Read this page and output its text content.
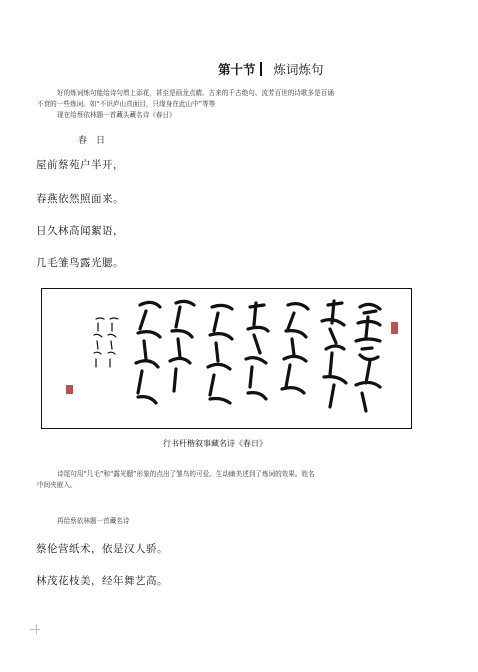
第十节 炼词炼句
好的炼词炼句能给诗句增上添花，甚至是画龙点睛。古来的千古绝句、流芳百世的诗歌多是百诵
不衰的一些炼词。如“不识庐山真面目，只缘身在此山中”等等
现在给蔡依林题一首藏头藏名诗《春日》
春　日
屋前蔡苑户半开，
春燕依然照面来。
日久林高闻絮语，
几毛雏鸟露光腮。
行书杆楷叙事藏名诗《春日》
诗尾句用“几毛”和“露光腮”形象的点出了雏鸟的可爱。生动幽美述到了炼词的效果。姓名
中间夹嵌入。
再给蔡依林题一首藏名诗
蔡伦营纸术，依是汉人骄。
林茂花枝美，经年舞艺高。
